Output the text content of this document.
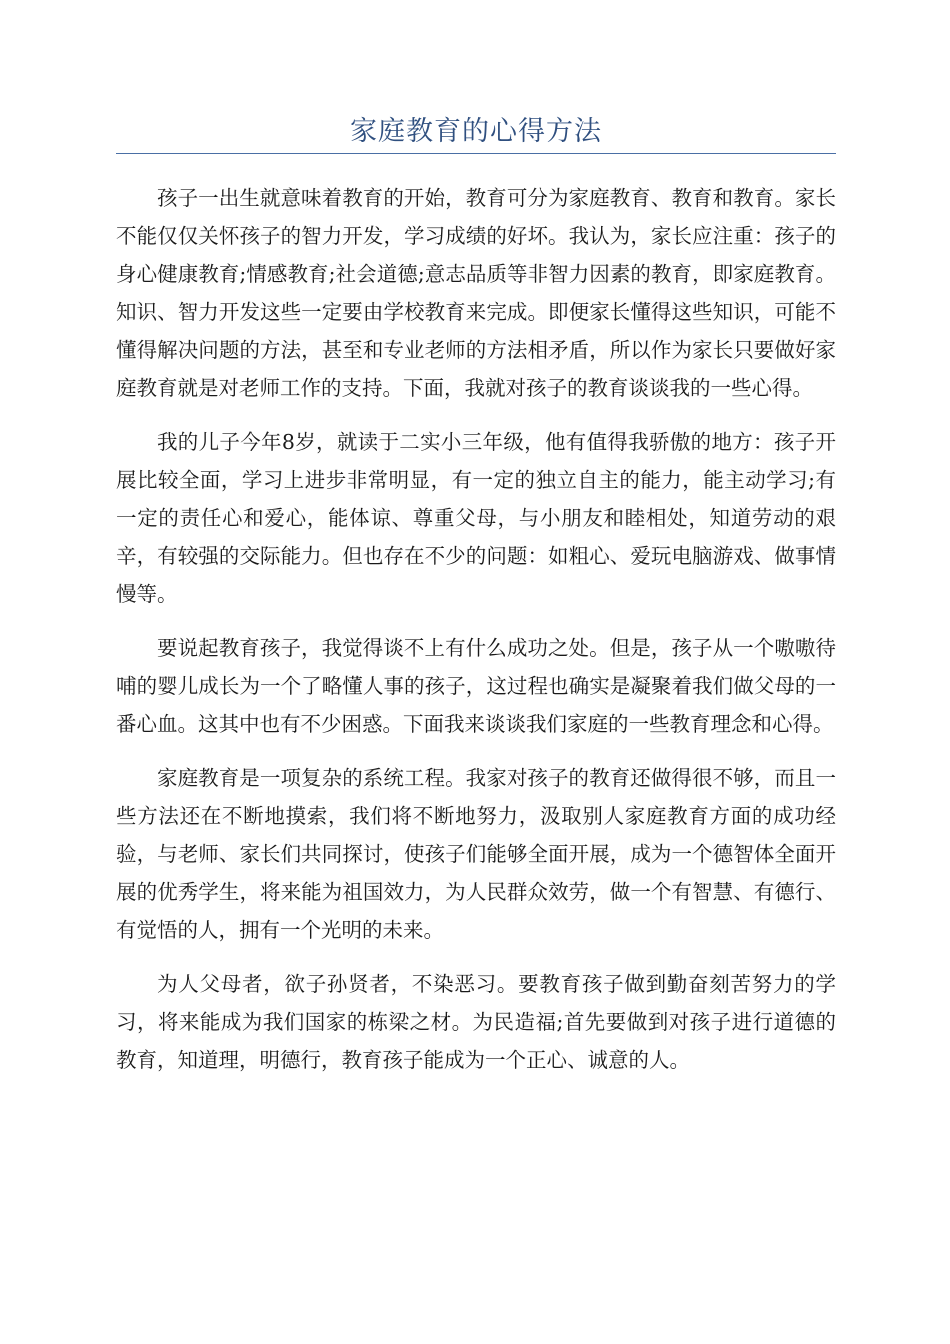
家庭教育的心得方法

孩子一出生就意味着教育的开始，教育可分为家庭教育、教育和教育。家长不能仅仅关怀孩子的智力开发，学习成绩的好坏。我认为，家长应注重：孩子的身心健康教育;情感教育;社会道德;意志品质等非智力因素的教育，即家庭教育。知识、智力开发这些一定要由学校教育来完成。即便家长懂得这些知识，可能不懂得解决问题的方法，甚至和专业老师的方法相矛盾，所以作为家长只要做好家庭教育就是对老师工作的支持。下面，我就对孩子的教育谈谈我的一些心得。

我的儿子今年8岁，就读于二实小三年级，他有值得我骄傲的地方：孩子开展比较全面，学习上进步非常明显，有一定的独立自主的能力，能主动学习;有一定的责任心和爱心，能体谅、尊重父母，与小朋友和睦相处，知道劳动的艰辛，有较强的交际能力。但也存在不少的问题：如粗心、爱玩电脑游戏、做事情慢等。

要说起教育孩子，我觉得谈不上有什么成功之处。但是，孩子从一个嗷嗷待哺的婴儿成长为一个了略懂人事的孩子，这过程也确实是凝聚着我们做父母的一番心血。这其中也有不少困惑。下面我来谈谈我们家庭的一些教育理念和心得。

家庭教育是一项复杂的系统工程。我家对孩子的教育还做得很不够，而且一些方法还在不断地摸索，我们将不断地努力，汲取别人家庭教育方面的成功经验，与老师、家长们共同探讨，使孩子们能够全面开展，成为一个德智体全面开展的优秀学生，将来能为祖国效力，为人民群众效劳，做一个有智慧、有德行、有觉悟的人，拥有一个光明的未来。

为人父母者，欲子孙贤者，不染恶习。要教育孩子做到勤奋刻苦努力的学习，将来能成为我们国家的栋梁之材。为民造福;首先要做到对孩子进行道德的教育，知道理，明德行，教育孩子能成为一个正心、诚意的人。
